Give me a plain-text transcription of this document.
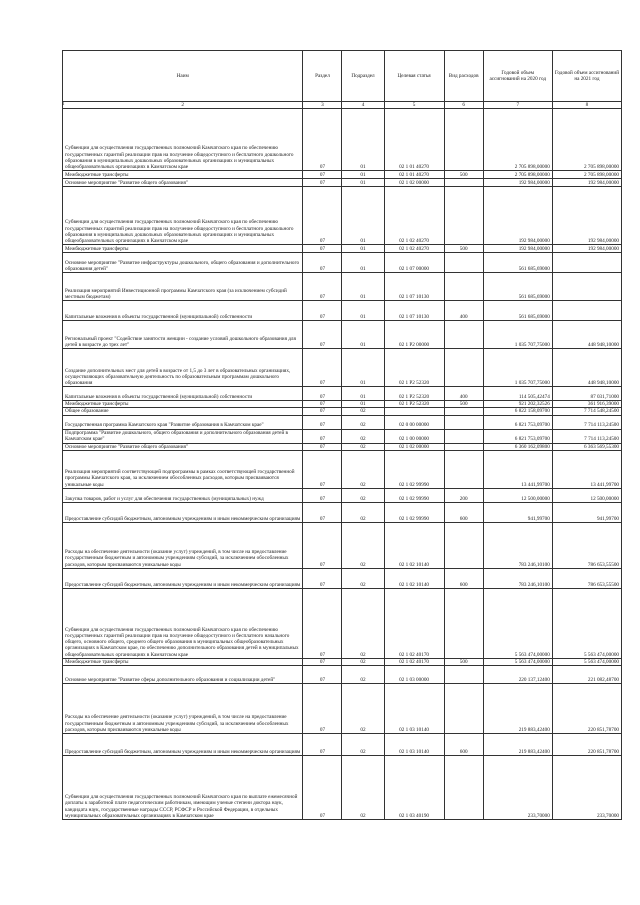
Наим	Раздел	Подраздел	Целевая статья	Вид расходов	Годовой объем ассигнований на 2020 год	Годовой объем ассигнований на 2021 год
2	3	4	5	6	7	8
Субвенции для осуществления государственных полномочий Камчатского края по обеспечению государственных гарантий реализации прав на получение общедоступного и бесплатного дошкольного образования в муниципальных дошкольных образовательных организациях и муниципальных общеобразовательных организациях в Камчатском крае	07	01	02 1 01 40270		2 705 898,00000	2 705 898,00000
Межбюджетные трансферты	07	01	02 1 01 40270	500	2 705 898,00000	2 705 898,00000
Основное мероприятие "Развитие общего образования"	07	01	02 1 02 00000		192 984,00000	192 984,00000
Субвенции для осуществления государственных полномочий Камчатского края по обеспечению государственных гарантий реализации прав на получение общедоступного и бесплатного дошкольного образования в муниципальных дошкольных образовательных организациях и муниципальных общеобразовательных организациях в Камчатском крае	07	01	02 1 02 40270		192 984,00000	192 984,00000
Межбюджетные трансферты	07	01	02 1 02 40270	500	192 984,00000	192 984,00000
Основное мероприятие "Развитие инфраструктуры дошкольного, общего образования и дополнительного образования детей"	07	01	02 1 07 00000		561 685,69000	
Реализация мероприятий Инвестиционной программы Камчатского края (за исключением субсидий местным бюджетам)	07	01	02 1 07 10130		561 685,69000	
Капитальные вложения в объекты государственной (муниципальной) собственности	07	01	02 1 07 10130	400	561 685,69000	
Региональный проект "Содействие занятости женщин - создание условий дошкольного образования для детей в возрасте до трех лет"	07	01	02 1 P2 00000		1 035 707,75000	448 948,10000
Создание дополнительных мест для детей в возрасте от 1,5 до 3 лет в образовательных организациях, осуществляющих образовательную деятельность по образовательным программам дошкольного образования	07	01	02 1 P2 52320		1 035 707,75000	448 948,10000
Капитальные вложения в объекты государственной (муниципальной) собственности	07	01	02 1 P2 52320	400	114 505,42474	87 031,71000
Межбюджетные трансферты	07	01	02 1 P2 52320	500	921 202,32526	361 916,39000
Общее образование	07	02			6 822 158,09700	7 714 548,24500
Государственная программа Камчатского края "Развитие образования в Камчатском крае"	07	02	02 0 00 00000		6 821 753,09700	7 714 113,24500
Подпрограмма "Развитие дошкольного, общего образования и дополнительного образования детей в Камчатском крае"	07	02	02 1 00 00000		6 821 753,09700	7 714 113,24500
Основное мероприятие "Развитие общего образования"	07	02	02 1 02 00000		6 360 162,09800	6 363 569,55300
Реализация мероприятий соответствующей подпрограммы в рамках соответствующей государственной программы Камчатского края, за исключением обособленных расходов, которым присваиваются уникальные коды	07	02	02 1 02 99990		13 441,99700	13 441,99700
Закупка товаров, работ и услуг для обеспечения государственных (муниципальных) нужд	07	02	02 1 02 99990	200	12 500,00000	12 500,00000
Предоставление субсидий бюджетным, автономным учреждениям и иным некоммерческим организациям	07	02	02 1 02 99990	600	941,99700	941,99700
Расходы на обеспечение деятельности (оказание услуг) учреждений, в том числе на предоставление государственным бюджетным и автономным учреждениям субсидий, за исключением обособленных расходов, которым присваиваются уникальные коды	07	02	02 1 02 10140		783 246,10100	786 653,55500
Предоставление субсидий бюджетным, автономным учреждениям и иным некоммерческим организациям	07	02	02 1 02 10140	600	783 246,10100	786 653,55500
Субвенции для осуществления государственных полномочий Камчатского края по обеспечению государственных гарантий реализации прав на получение общедоступного и бесплатного начального общего, основного общего, среднего общего образования в муниципальных общеобразовательных организациях в Камчатском крае, по обеспечению дополнительного образования детей в муниципальных общеобразовательных организациях в Камчатском крае	07	02	02 1 02 40170		5 563 474,00000	5 563 474,00000
Межбюджетные трансферты	07	02	02 1 02 40170	500	5 563 474,00000	5 563 474,00000
Основное мероприятие "Развитие сферы дополнительного образования и социализации детей"	07	02	02 1 03 00000		220 137,12400	221 082,48700
Расходы на обеспечение деятельности (оказание услуг) учреждений, в том числе на предоставление государственным бюджетным и автономным учреждениям субсидий, за исключением обособленных расходов, которым присваиваются уникальные коды	07	02	02 1 03 10140		219 883,42400	220 851,78700
Предоставление субсидий бюджетным, автономным учреждениям и иным некоммерческим организациям	07	02	02 1 03 10140	600	219 883,42400	220 851,78700
Субвенции для осуществления государственных полномочий Камчатского края по выплате ежемесячной доплаты к заработной плате педагогическим работникам, имеющим ученые степени доктора наук, кандидата наук, государственные награды СССР, РСФСР и Российской Федерации, в отдельных муниципальных образовательных организациях в Камчатском крае	07	02	02 1 03 40190		233,70000	233,70000
1
